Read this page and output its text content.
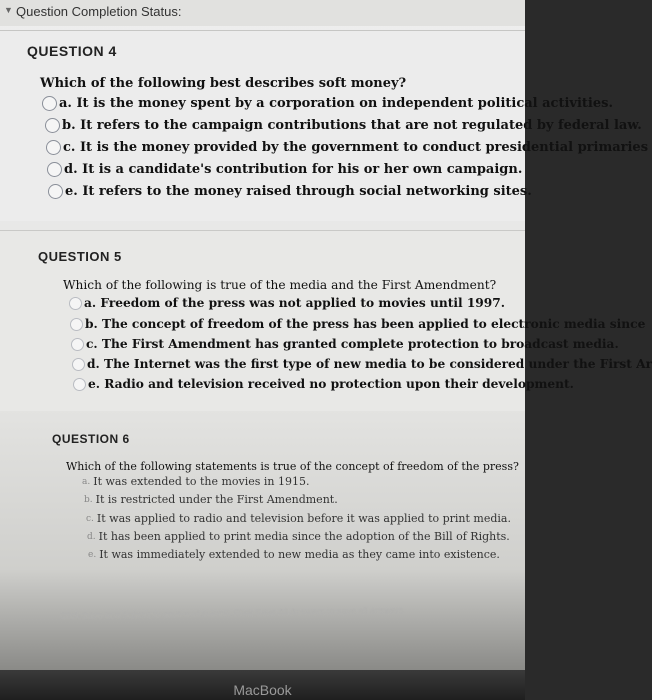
▼ Question Completion Status:
QUESTION 4
Which of the following best describes soft money?
a. It is the money spent by a corporation on independent political activities.
b. It refers to the campaign contributions that are not regulated by federal law.
c. It is the money provided by the government to conduct presidential primaries
d. It is a candidate's contribution for his or her own campaign.
e. It refers to the money raised through social networking sites.
QUESTION 5
Which of the following is true of the media and the First Amendment?
a. Freedom of the press was not applied to movies until 1997.
b. The concept of freedom of the press has been applied to electronic media since
c. The First Amendment has granted complete protection to broadcast media.
d. The Internet was the first type of new media to be considered under the First Ar
e. Radio and television received no protection upon their development.
QUESTION 6
Which of the following statements is true of the concept of freedom of the press?
a. It was extended to the movies in 1915.
b. It is restricted under the First Amendment.
c. It was applied to radio and television before it was applied to print media.
d. It has been applied to print media since the adoption of the Bill of Rights.
e. It was immediately extended to new media as they came into existence.
Click Save and Submit to save and submit. Click Save All Answers to save all answers.
MacBook
